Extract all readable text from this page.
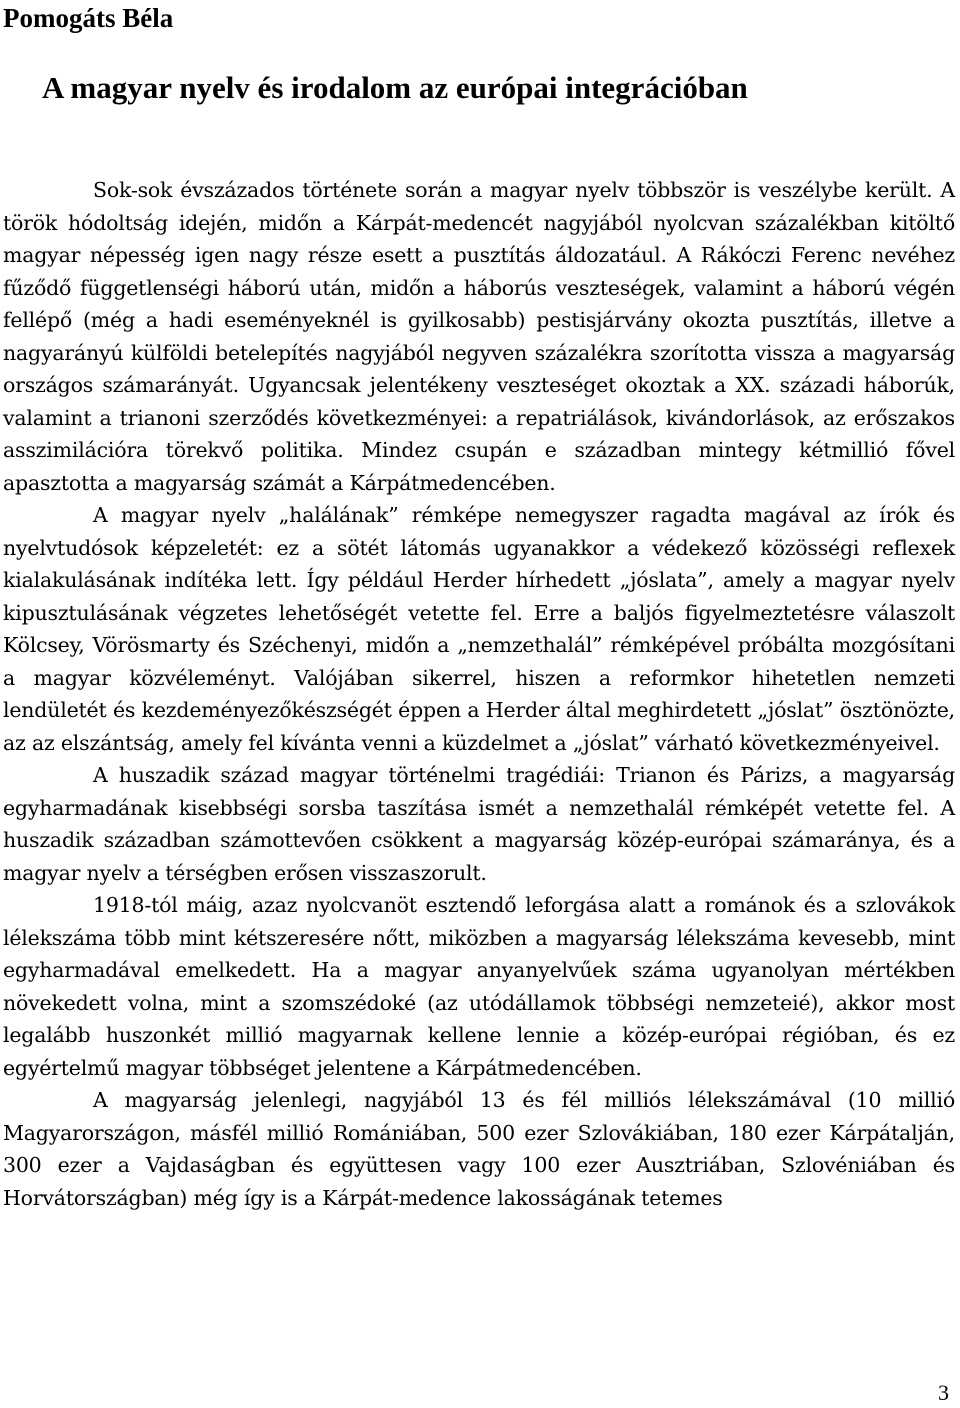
Pomogáts Béla
A magyar nyelv és irodalom az európai integrációban

Sok-sok évszázados története során a magyar nyelv többször is veszélybe került. A török hódoltság idején, midőn a Kárpát-medencét nagyjából nyolcvan százalékban kitöltő magyar népesség igen nagy része esett a pusztítás áldozatául. A Rákóczi Ferenc nevéhez fűződő függetlenségi háború után, midőn a háborús veszteségek, valamint a háború végén fellépő (még a hadi eseményeknél is gyilkosabb) pestisjárvány okozta pusztítás, illetve a nagyarányú külföldi betelepítés nagyjából negyven százalékra szorította vissza a magyarság országos számarányát. Ugyancsak jelentékeny veszteséget okoztak a XX. századi háborúk, valamint a trianoni szerződés következményei: a repatriálások, kivándorlások, az erőszakos asszimilációra törekvő politika. Mindez csupán e században mintegy kétmillió fővel apasztotta a magyarság számát a Kárpátmedencében.

A magyar nyelv „halálának” rémképe nemegyszer ragadta magával az írók és nyelvtudósok képzeletét: ez a sötét látomás ugyanakkor a védekező közösségi reflexek kialakulásának indítéka lett. Így például Herder hírhedett „jóslata”, amely a magyar nyelv kipusztulásának végzetes lehetőségét vetette fel. Erre a baljós figyelmeztetésre válaszolt Kölcsey, Vörösmarty és Széchenyi, midőn a „nemzethalál” rémképével próbálta mozgósítani a magyar közvéleményt. Valójában sikerrel, hiszen a reformkor hihetetlen nemzeti lendületét és kezdeményezőkészségét éppen a Herder által meghirdetett „jóslat” ösztönözte, az az elszántság, amely fel kívánta venni a küzdelmet a „jóslat” várható következményeivel.

A huszadik század magyar történelmi tragédiái: Trianon és Párizs, a magyarság egyharmadának kisebbségi sorsba taszítása ismét a nemzethalál rémképét vetette fel. A huszadik században számottevően csökkent a magyarság közép-európai számaránya, és a magyar nyelv a térségben erősen visszaszorult.

1918-tól máig, azaz nyolcvanöt esztendő leforgása alatt a románok és a szlovákok lélekszáma több mint kétszeresére nőtt, miközben a magyarság lélekszáma kevesebb, mint egyharmadával emelkedett. Ha a magyar anyanyelvűek száma ugyanolyan mértékben növekedett volna, mint a szomszédoké (az utódállamok többségi nemzeteié), akkor most legalább huszonkét millió magyarnak kellene lennie a közép-európai régióban, és ez egyértelmű magyar többséget jelentene a Kárpátmedencében.

A magyarság jelenlegi, nagyjából 13 és fél milliós lélekszámával (10 millió Magyarországon, másfél millió Romániában, 500 ezer Szlovákiában, 180 ezer Kárpátalján, 300 ezer a Vajdaságban és együttesen vagy 100 ezer Ausztriában, Szlovéniában és Horvátországban) még így is a Kárpát-medence lakosságának tetemes

3
